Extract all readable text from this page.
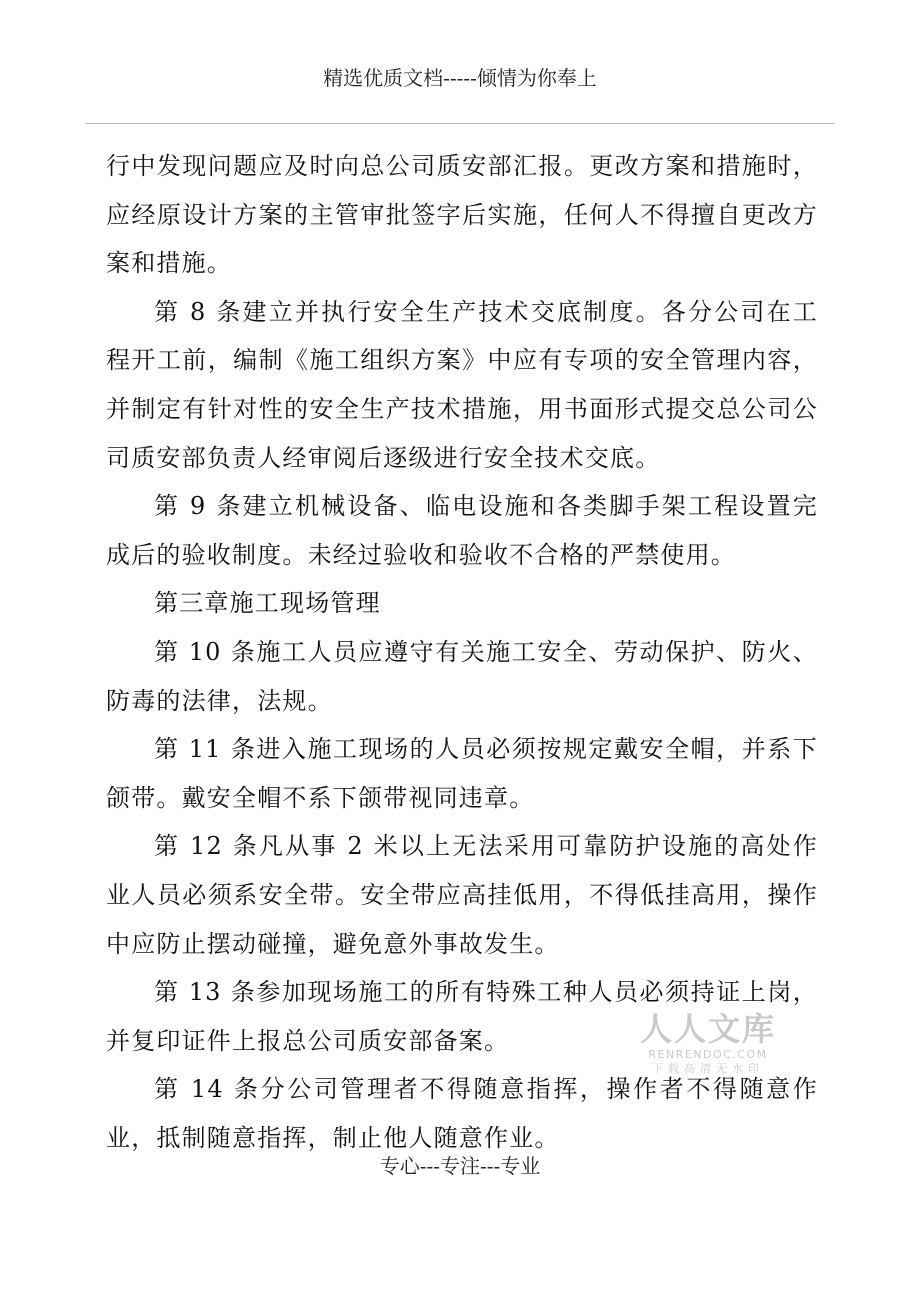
精选优质文档-----倾情为你奉上

行中发现问题应及时向总公司质安部汇报。更改方案和措施时，应经原设计方案的主管审批签字后实施，任何人不得擅自更改方案和措施。

第 8 条建立并执行安全生产技术交底制度。各分公司在工程开工前，编制《施工组织方案》中应有专项的安全管理内容，并制定有针对性的安全生产技术措施，用书面形式提交总公司公司质安部负责人经审阅后逐级进行安全技术交底。

第 9 条建立机械设备、临电设施和各类脚手架工程设置完成后的验收制度。未经过验收和验收不合格的严禁使用。

第三章施工现场管理

第 10 条施工人员应遵守有关施工安全、劳动保护、防火、防毒的法律，法规。

第 11 条进入施工现场的人员必须按规定戴安全帽，并系下颌带。戴安全帽不系下颌带视同违章。

第 12 条凡从事 2 米以上无法采用可靠防护设施的高处作业人员必须系安全带。安全带应高挂低用，不得低挂高用，操作中应防止摆动碰撞，避免意外事故发生。

第 13 条参加现场施工的所有特殊工种人员必须持证上岗，并复印证件上报总公司质安部备案。

第 14 条分公司管理者不得随意指挥，操作者不得随意作业，抵制随意指挥，制止他人随意作业。

人人文库
RENRENDOC.COM
下载高清无水印
专心---专注---专业
